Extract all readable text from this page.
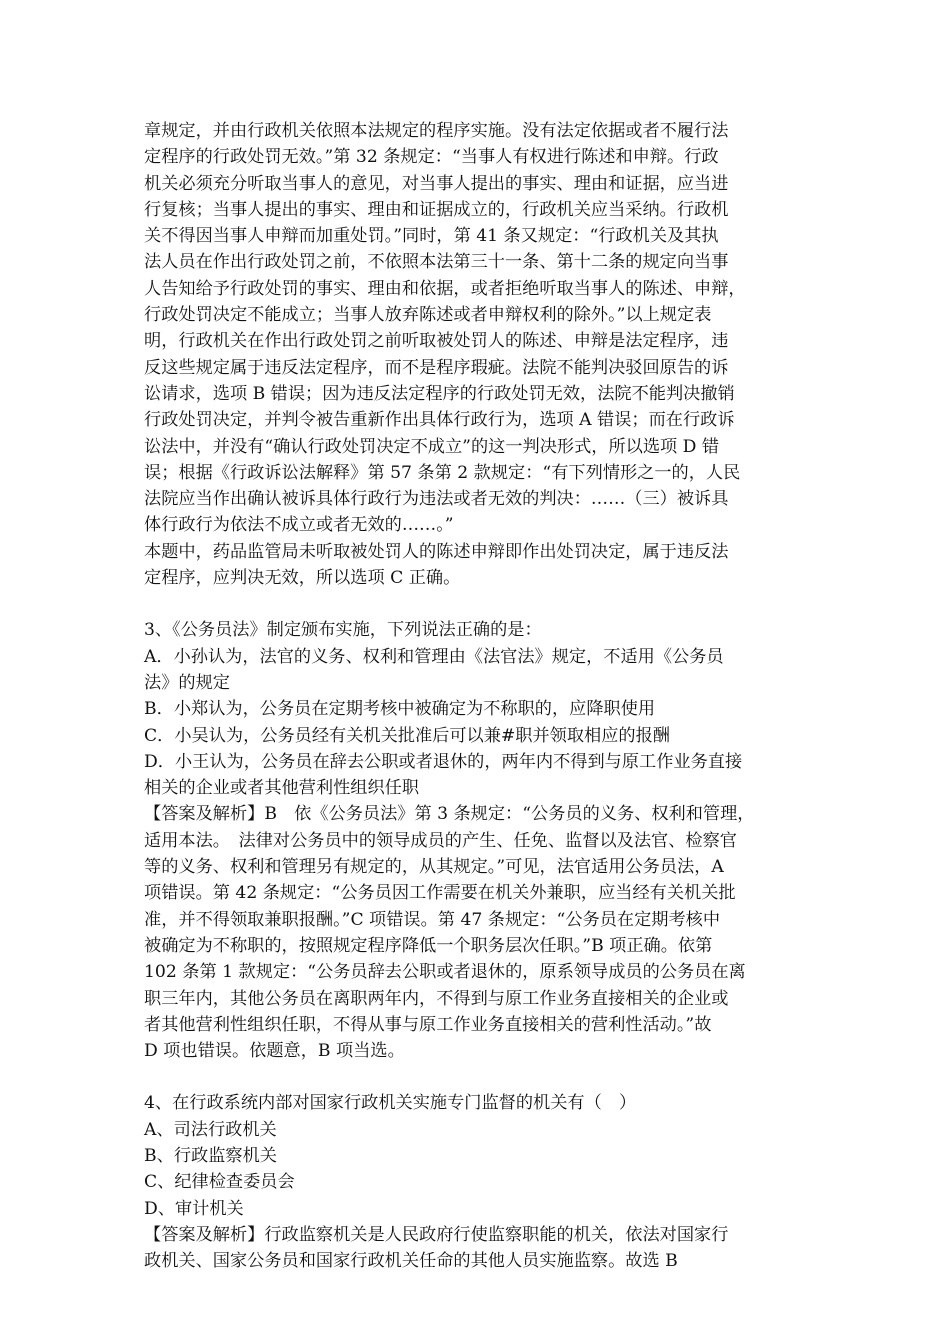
章规定，并由行政机关依照本法规定的程序实施。没有法定依据或者不履行法
定程序的行政处罚无效。”第 32 条规定：“当事人有权进行陈述和申辩。行政
机关必须充分听取当事人的意见，对当事人提出的事实、理由和证据，应当进
行复核；当事人提出的事实、理由和证据成立的，行政机关应当采纳。行政机
关不得因当事人申辩而加重处罚。”同时，第 41 条又规定：“行政机关及其执
法人员在作出行政处罚之前，不依照本法第三十一条、第十二条的规定向当事
人告知给予行政处罚的事实、理由和依据，或者拒绝听取当事人的陈述、申辩，
行政处罚决定不能成立；当事人放弃陈述或者申辩权利的除外。”以上规定表
明，行政机关在作出行政处罚之前听取被处罚人的陈述、申辩是法定程序，违
反这些规定属于违反法定程序，而不是程序瑕疵。法院不能判决驳回原告的诉
讼请求，选项 B 错误；因为违反法定程序的行政处罚无效，法院不能判决撤销
行政处罚决定，并判令被告重新作出具体行政行为，选项 A 错误；而在行政诉
讼法中，并没有“确认行政处罚决定不成立”的这一判决形式，所以选项 D 错
误；根据《行政诉讼法解释》第 57 条第 2 款规定：“有下列情形之一的，人民
法院应当作出确认被诉具体行政行为违法或者无效的判决：……（三）被诉具
体行政行为依法不成立或者无效的……。”
本题中，药品监管局未听取被处罚人的陈述申辩即作出处罚决定，属于违反法
定程序，应判决无效，所以选项 C 正确。
3、《公务员法》制定颁布实施，下列说法正确的是：
A．小孙认为，法官的义务、权利和管理由《法官法》规定，不适用《公务员
法》的规定
B．小郑认为，公务员在定期考核中被确定为不称职的，应降职使用
C．小吴认为，公务员经有关机关批准后可以兼#职并领取相应的报酬
D．小王认为，公务员在辞去公职或者退休的，两年内不得到与原工作业务直接
相关的企业或者其他营利性组织任职
【答案及解析】B　依《公务员法》第 3 条规定：“公务员的义务、权利和管理，
适用本法。　法律对公务员中的领导成员的产生、任免、监督以及法官、检察官
等的义务、权利和管理另有规定的，从其规定。”可见，法官适用公务员法，A
项错误。第 42 条规定：“公务员因工作需要在机关外兼职，应当经有关机关批
准，并不得领取兼职报酬。”C 项错误。第 47 条规定：“公务员在定期考核中
被确定为不称职的，按照规定程序降低一个职务层次任职。”B 项正确。依第
102 条第 1 款规定：“公务员辞去公职或者退休的，原系领导成员的公务员在离
职三年内，其他公务员在离职两年内，不得到与原工作业务直接相关的企业或
者其他营利性组织任职，不得从事与原工作业务直接相关的营利性活动。”故
D 项也错误。依题意，B 项当选。
4、在行政系统内部对国家行政机关实施专门监督的机关有（　）
A、司法行政机关
B、行政监察机关
C、纪律检查委员会
D、审计机关
【答案及解析】行政监察机关是人民政府行使监察职能的机关，依法对国家行
政机关、国家公务员和国家行政机关任命的其他人员实施监察。故选 B
